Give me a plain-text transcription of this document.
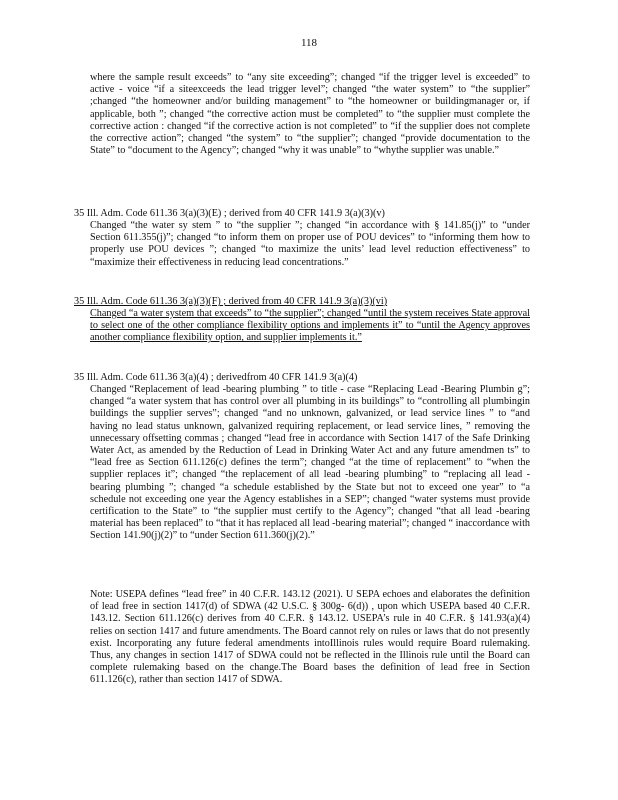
118

where the sample result exceeds” to “any site exceeding”; changed “if the trigger level is exceeded” to active - voice “if a siteexceeds the lead trigger level”; changed “the water system” to “the supplier” ;changed “the homeowner and/or building management” to “the homeowner or buildingmanager or, if applicable, both ”; changed “the corrective action must be completed” to “the supplier must complete the corrective action : changed “if the corrective action is not completed” to “if the supplier does not complete the corrective action”; changed “the system” to “the supplier”; changed “provide documentation to the State” to “document to the Agency”; changed “why it was unable” to “whythe supplier was unable.”

35 Ill. Adm. Code 611.36 3(a)(3)(E) ; derived from 40 CFR 141.9 3(a)(3)(v)

Changed “the water sy stem ” to “the supplier ”; changed “in accordance with § 141.85(j)” to “under Section 611.355(j)”; changed “to inform them on proper use of POU devices” to “informing them how to properly use POU devices ”; changed “to maximize the units’ lead level reduction effectiveness” to “maximize their effectiveness in reducing lead concentrations.”

35 Ill. Adm. Code 611.36 3(a)(3)(F) ; derived from 40 CFR 141.9 3(a)(3)(vi)

Changed “a water system that exceeds” to “the supplier”; changed “until the system receives State approval to select one of the other compliance flexibility options and implements it” to “until the Agency approves another compliance flexibility option, and supplier implements it.”

35 Ill. Adm. Code 611.36 3(a)(4) ; derivedfrom 40 CFR 141.9 3(a)(4)

Changed “Replacement of lead -bearing plumbing ” to title - case “Replacing Lead -Bearing Plumbin g”; changed “a water system that has control over all plumbing in its buildings” to “controlling all plumbingin buildings the supplier serves”; changed “and no unknown, galvanized, or lead service lines ” to “and having no lead status unknown, galvanized requiring replacement, or lead service lines, ” removing the unnecessary offsetting commas ; changed “lead free in accordance with Section 1417 of the Safe Drinking Water Act, as amended by the Reduction of Lead in Drinking Water Act and any future amendmen ts” to “lead free as Section 611.126(c) defines the term”; changed “at the time of replacement” to “when the supplier replaces it”; changed “the replacement of all lead -bearing plumbing” to “replacing all lead -bearing plumbing ”; changed “a schedule established by the State but not to exceed one year” to “a schedule not exceeding one year the Agency establishes in a SEP”; changed “water systems must provide certification to the State” to “the supplier must certify to the Agency”; changed “that all lead -bearing material has been replaced” to “that it has replaced all lead -bearing material”; changed “ inaccordance with Section 141.90(j)(2)” to “under Section 611.360(j)(2).”

Note: USEPA defines “lead free” in 40 C.F.R. 143.12 (2021). U SEPA echoes and elaborates the definition of lead free in section 1417(d) of SDWA (42 U.S.C. § 300g- 6(d)) , upon which USEPA based 40 C.F.R. 143.12. Section 611.126(c) derives from 40 C.F.R. § 143.12. USEPA’s rule in 40 C.F.R. § 141.93(a)(4) relies on section 1417 and future amendments. The Board cannot rely on rules or laws that do not presently exist. Incorporating any future federal amendments intoIllinois rules would require Board rulemaking. Thus, any changes in section 1417 of SDWA could not be reflected in the Illinois rule until the Board can complete rulemaking based on the change.The Board bases the definition of lead free in Section 611.126(c), rather than section 1417 of SDWA.
